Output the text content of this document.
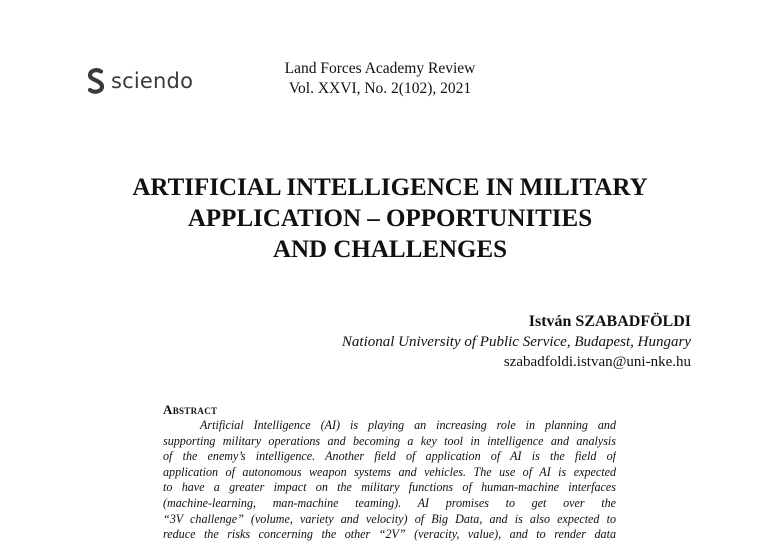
sciendo	Land Forces Academy Review
Vol. XXVI, No. 2(102), 2021
ARTIFICIAL INTELLIGENCE IN MILITARY
APPLICATION – OPPORTUNITIES
AND CHALLENGES
István SZABADFÖLDI
National University of Public Service, Budapest, Hungary
szabadfoldi.istvan@uni-nke.hu
Abstract
Artificial Intelligence (AI) is playing an increasing role in planning and
supporting military operations and becoming a key tool in intelligence and analysis
of the enemy’s intelligence. Another field of application of AI is the field of
application of autonomous weapon systems and vehicles. The use of AI is expected
to have a greater impact on the military functions of human-machine interfaces
(machine-learning, man-machine teaming). AI promises to get over the
“3V challenge” (volume, variety and velocity) of Big Data, and is also expected to
reduce the risks concerning the other “2V” (veracity, value), and to render data
